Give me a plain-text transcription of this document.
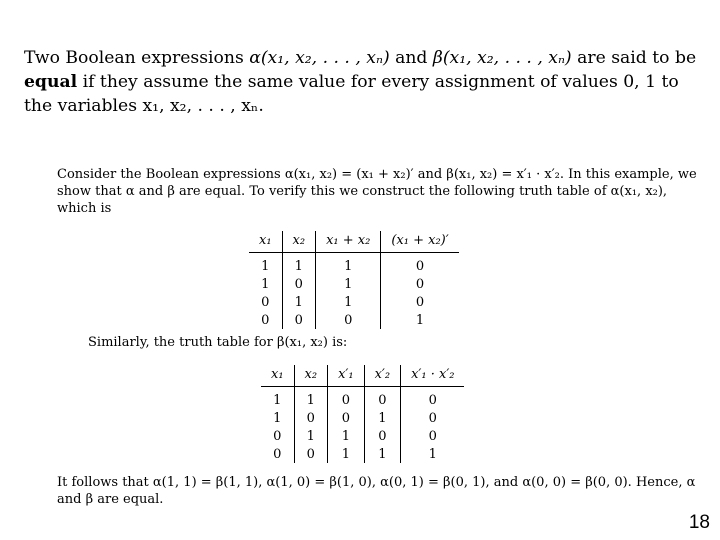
Two Boolean expressions α(x₁, x₂, . . . , xₙ) and β(x₁, x₂, . . . , xₙ) are said to be equal if they assume the same value for every assignment of values 0, 1 to the variables x₁, x₂, . . . , xₙ.

Consider the Boolean expressions α(x₁, x₂) = (x₁ + x₂)′ and β(x₁, x₂) = x′₁ · x′₂. In this example, we show that α and β are equal. To verify this we construct the following truth table of α(x₁, x₂), which is

x₁	x₂	x₁ + x₂	(x₁ + x₂)′
1	1	1	0
1	0	1	0
0	1	1	0
0	0	0	1

Similarly, the truth table for β(x₁, x₂) is:

x₁	x₂	x′₁	x′₂	x′₁ · x′₂
1	1	0	0	0
1	0	0	1	0
0	1	1	0	0
0	0	1	1	1

It follows that α(1, 1) = β(1, 1), α(1, 0) = β(1, 0), α(0, 1) = β(0, 1), and α(0, 0) = β(0, 0). Hence, α and β are equal.

18
